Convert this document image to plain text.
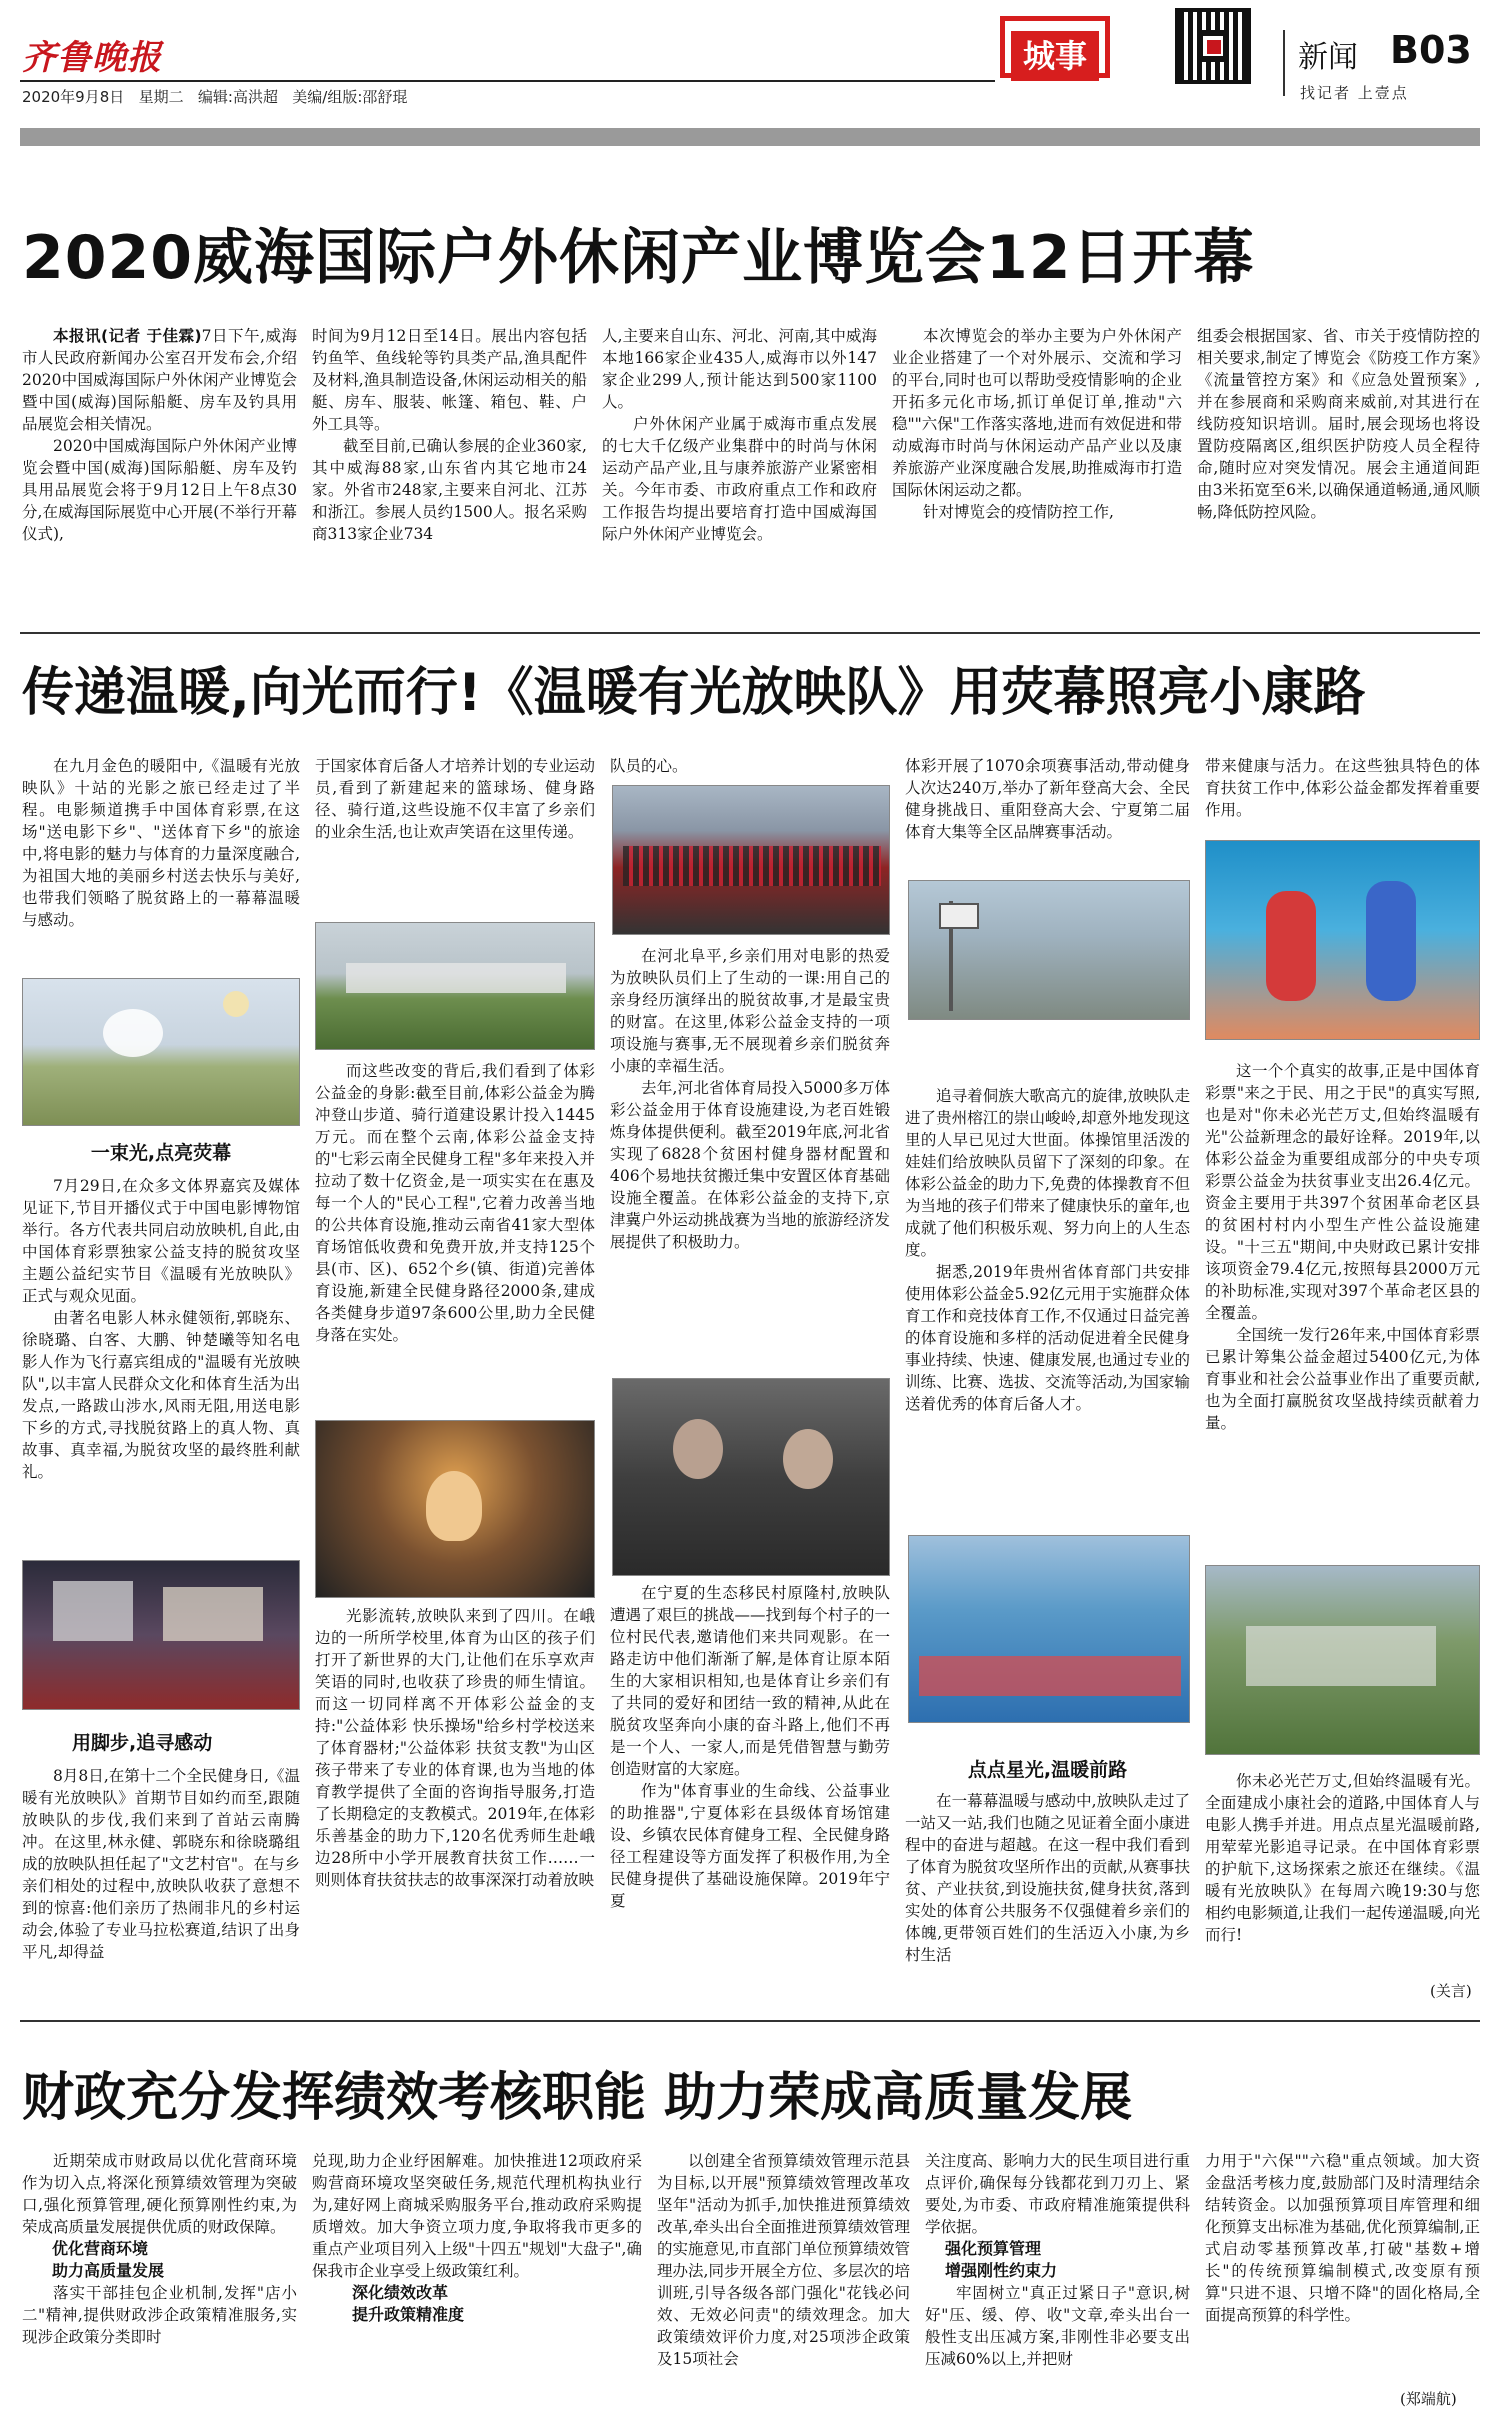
齐鲁晚报
2020年9月8日 星期二 编辑:高洪超 美编/组版:邵舒琨
城事	新闻 B03
找记者 上壹点
2020威海国际户外休闲产业博览会12日开幕

本报讯(记者 于佳霖)7日下午,威海市人民政府新闻办公室召开发布会,介绍2020中国威海国际户外休闲产业博览会暨中国(威海)国际船艇、房车及钓具用品展览会相关情况。

2020中国威海国际户外休闲产业博览会暨中国(威海)国际船艇、房车及钓具用品展览会将于9月12日上午8点30分,在威海国际展览中心开展(不举行开幕仪式),

时间为9月12日至14日。展出内容包括钓鱼竿、鱼线轮等钓具类产品,渔具配件及材料,渔具制造设备,休闲运动相关的船艇、房车、服装、帐篷、箱包、鞋、户外工具等。

截至目前,已确认参展的企业360家,其中威海88家,山东省内其它地市24家。外省市248家,主要来自河北、江苏和浙江。参展人员约1500人。报名采购商313家企业734

人,主要来自山东、河北、河南,其中威海本地166家企业435人,威海市以外147家企业299人,预计能达到500家1100人。

户外休闲产业属于威海市重点发展的七大千亿级产业集群中的时尚与休闲运动产品产业,且与康养旅游产业紧密相关。今年市委、市政府重点工作和政府工作报告均提出要培育打造中国威海国际户外休闲产业博览会。

本次博览会的举办主要为户外休闲产业企业搭建了一个对外展示、交流和学习的平台,同时也可以帮助受疫情影响的企业开拓多元化市场,抓订单促订单,推动"六稳""六保"工作落实落地,进而有效促进和带动威海市时尚与休闲运动产品产业以及康养旅游产业深度融合发展,助推威海市打造国际休闲运动之都。

针对博览会的疫情防控工作,

组委会根据国家、省、市关于疫情防控的相关要求,制定了博览会《防疫工作方案》《流量管控方案》和《应急处置预案》,并在参展商和采购商来威前,对其进行在线防疫知识培训。届时,展会现场也将设置防疫隔离区,组织医护防疫人员全程待命,随时应对突发情况。展会主通道间距由3米拓宽至6米,以确保通道畅通,通风顺畅,降低防控风险。

传递温暖,向光而行!《温暖有光放映队》用荧幕照亮小康路

在九月金色的暖阳中,《温暖有光放映队》十站的光影之旅已经走过了半程。电影频道携手中国体育彩票,在这场"送电影下乡"、"送体育下乡"的旅途中,将电影的魅力与体育的力量深度融合,为祖国大地的美丽乡村送去快乐与美好,也带我们领略了脱贫路上的一幕幕温暖与感动。

一束光,点亮荧幕

7月29日,在众多文体界嘉宾及媒体见证下,节目开播仪式于中国电影博物馆举行。各方代表共同启动放映机,自此,由中国体育彩票独家公益支持的脱贫攻坚主题公益纪实节目《温暖有光放映队》正式与观众见面。

由著名电影人林永健领衔,郭晓东、徐晓璐、白客、大鹏、钟楚曦等知名电影人作为飞行嘉宾组成的"温暖有光放映队",以丰富人民群众文化和体育生活为出发点,一路跋山涉水,风雨无阻,用送电影下乡的方式,寻找脱贫路上的真人物、真故事、真幸福,为脱贫攻坚的最终胜利献礼。

用脚步,追寻感动

8月8日,在第十二个全民健身日,《温暖有光放映队》首期节目如约而至,跟随放映队的步伐,我们来到了首站云南腾冲。在这里,林永健、郭晓东和徐晓璐组成的放映队担任起了"文艺村官"。在与乡亲们相处的过程中,放映队收获了意想不到的惊喜:他们亲历了热闹非凡的乡村运动会,体验了专业马拉松赛道,结识了出身平凡,却得益

于国家体育后备人才培养计划的专业运动员,看到了新建起来的篮球场、健身路径、骑行道,这些设施不仅丰富了乡亲们的业余生活,也让欢声笑语在这里传递。

而这些改变的背后,我们看到了体彩公益金的身影:截至目前,体彩公益金为腾冲登山步道、骑行道建设累计投入1445万元。而在整个云南,体彩公益金支持的"七彩云南全民健身工程"多年来投入并拉动了数十亿资金,是一项实实在在惠及每一个人的"民心工程",它着力改善当地的公共体育设施,推动云南省41家大型体育场馆低收费和免费开放,并支持125个县(市、区)、652个乡(镇、街道)完善体育设施,新建全民健身路径2000条,建成各类健身步道97条600公里,助力全民健身落在实处。

光影流转,放映队来到了四川。在峨边的一所所学校里,体育为山区的孩子们打开了新世界的大门,让他们在乐享欢声笑语的同时,也收获了珍贵的师生情谊。而这一切同样离不开体彩公益金的支持:"公益体彩 快乐操场"给乡村学校送来了体育器材;"公益体彩 扶贫支教"为山区孩子带来了专业的体育课,也为当地的体育教学提供了全面的咨询指导服务,打造了长期稳定的支教模式。2019年,在体彩乐善基金的助力下,120名优秀师生赴峨边28所中小学开展教育扶贫工作……一则则体育扶贫扶志的故事深深打动着放映

队员的心。

在河北阜平,乡亲们用对电影的热爱为放映队员们上了生动的一课:用自己的亲身经历演绎出的脱贫故事,才是最宝贵的财富。在这里,体彩公益金支持的一项项设施与赛事,无不展现着乡亲们脱贫奔小康的幸福生活。

去年,河北省体育局投入5000多万体彩公益金用于体育设施建设,为老百姓锻炼身体提供便利。截至2019年底,河北省实现了6828个贫困村健身器材配置和406个易地扶贫搬迁集中安置区体育基础设施全覆盖。在体彩公益金的支持下,京津冀户外运动挑战赛为当地的旅游经济发展提供了积极助力。

在宁夏的生态移民村原隆村,放映队遭遇了艰巨的挑战——找到每个村子的一位村民代表,邀请他们来共同观影。在一路走访中他们渐渐了解,是体育让原本陌生的大家相识相知,也是体育让乡亲们有了共同的爱好和团结一致的精神,从此在脱贫攻坚奔向小康的奋斗路上,他们不再是一个人、一家人,而是凭借智慧与勤劳创造财富的大家庭。

作为"体育事业的生命线、公益事业的助推器",宁夏体彩在县级体育场馆建设、乡镇农民体育健身工程、全民健身路径工程建设等方面发挥了积极作用,为全民健身提供了基础设施保障。2019年宁夏

体彩开展了1070余项赛事活动,带动健身人次达240万,举办了新年登高大会、全民健身挑战日、重阳登高大会、宁夏第二届体育大集等全区品牌赛事活动。

追寻着侗族大歌高亢的旋律,放映队走进了贵州榕江的崇山峻岭,却意外地发现这里的人早已见过大世面。体操馆里活泼的娃娃们给放映队员留下了深刻的印象。在体彩公益金的助力下,免费的体操教育不但为当地的孩子们带来了健康快乐的童年,也成就了他们积极乐观、努力向上的人生态度。

据悉,2019年贵州省体育部门共安排使用体彩公益金5.92亿元用于实施群众体育工作和竞技体育工作,不仅通过日益完善的体育设施和多样的活动促进着全民健身事业持续、快速、健康发展,也通过专业的训练、比赛、选拔、交流等活动,为国家输送着优秀的体育后备人才。

点点星光,温暖前路

在一幕幕温暖与感动中,放映队走过了一站又一站,我们也随之见证着全面小康进程中的奋进与超越。在这一程中我们看到了体育为脱贫攻坚所作出的贡献,从赛事扶贫、产业扶贫,到设施扶贫,健身扶贫,落到实处的体育公共服务不仅强健着乡亲们的体魄,更带领百姓们的生活迈入小康,为乡村生活

带来健康与活力。在这些独具特色的体育扶贫工作中,体彩公益金都发挥着重要作用。

这一个个真实的故事,正是中国体育彩票"来之于民、用之于民"的真实写照,也是对"你未必光芒万丈,但始终温暖有光"公益新理念的最好诠释。2019年,以体彩公益金为重要组成部分的中央专项彩票公益金为扶贫事业支出26.4亿元。资金主要用于共397个贫困革命老区县的贫困村村内小型生产性公益设施建设。"十三五"期间,中央财政已累计安排该项资金79.4亿元,按照每县2000万元的补助标准,实现对397个革命老区县的全覆盖。

全国统一发行26年来,中国体育彩票已累计筹集公益金超过5400亿元,为体育事业和社会公益事业作出了重要贡献,也为全面打赢脱贫攻坚战持续贡献着力量。

你未必光芒万丈,但始终温暖有光。全面建成小康社会的道路,中国体育人与电影人携手并进。用点点星光温暖前路,用荤荤光影追寻记录。在中国体育彩票的护航下,这场探索之旅还在继续。《温暖有光放映队》在每周六晚19:30与您相约电影频道,让我们一起传递温暖,向光而行!

(关言)
财政充分发挥绩效考核职能 助力荣成高质量发展

近期荣成市财政局以优化营商环境作为切入点,将深化预算绩效管理为突破口,强化预算管理,硬化预算刚性约束,为荣成高质量发展提供优质的财政保障。

优化营商环境
助力高质量发展

落实干部挂包企业机制,发挥"店小二"精神,提供财政涉企政策精准服务,实现涉企政策分类即时

兑现,助力企业纾困解难。加快推进12项政府采购营商环境攻坚突破任务,规范代理机构执业行为,建好网上商城采购服务平台,推动政府采购提质增效。加大争资立项力度,争取将我市更多的重点产业项目列入上级"十四五"规划"大盘子",确保我市企业享受上级政策红利。

深化绩效改革
提升政策精准度

以创建全省预算绩效管理示范县为目标,以开展"预算绩效管理改革攻坚年"活动为抓手,加快推进预算绩效改革,牵头出台全面推进预算绩效管理的实施意见,市直部门单位预算绩效管理办法,同步开展全方位、多层次的培训班,引导各级各部门强化"花钱必问效、无效必问责"的绩效理念。加大政策绩效评价力度,对25项涉企政策及15项社会

关注度高、影响力大的民生项目进行重点评价,确保每分钱都花到刀刃上、紧要处,为市委、市政府精准施策提供科学依据。

强化预算管理
增强刚性约束力

牢固树立"真正过紧日子"意识,树好"压、缓、停、收"文章,牵头出台一般性支出压减方案,非刚性非必要支出压减60%以上,并把财

力用于"六保""六稳"重点领域。加大资金盘活考核力度,鼓励部门及时清理结余结转资金。以加强预算项目库管理和细化预算支出标准为基础,优化预算编制,正式启动零基预算改革,打破"基数+增长"的传统预算编制模式,改变原有预算"只进不退、只增不降"的固化格局,全面提高预算的科学性。

(郑端航)
